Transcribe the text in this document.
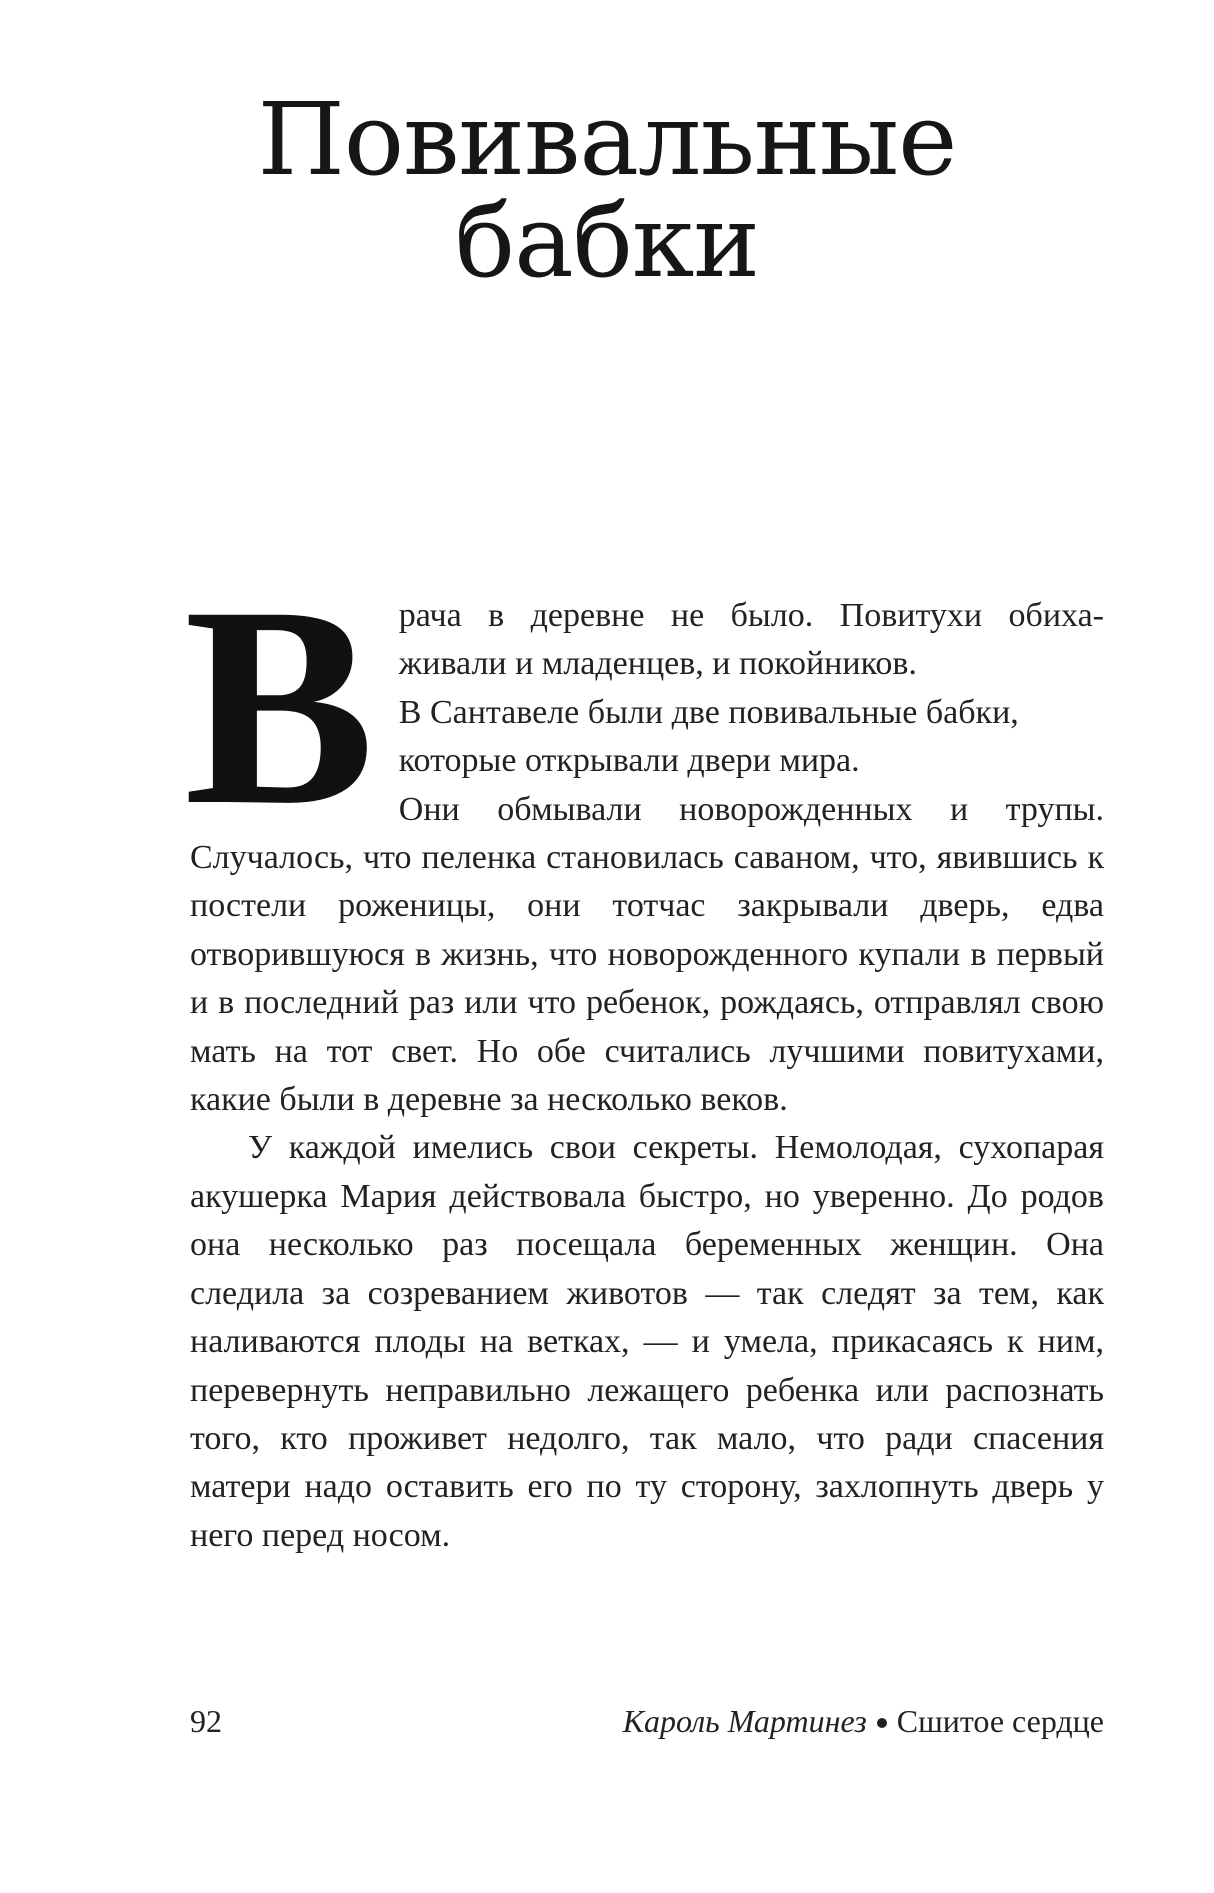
Повивальные
бабки

В рача в деревне не было. Повитухи обиха-живали и младенцев, и покойников.
В Сантавеле были две повивальные бабки,
которые открывали двери мира.
Они обмывали новорожденных и трупы. Случалось, что пеленка становилась саваном, что, явившись к постели роженицы, они тотчас закрывали дверь, едва отворившуюся в жизнь, что новорожденного купали в первый и в последний раз или что ребенок, рождаясь, отправлял свою мать на тот свет. Но обе считались лучшими повитухами, какие были в деревне за несколько веков.

У каждой имелись свои секреты. Немолодая, сухопарая акушерка Мария действовала быстро, но уверенно. До родов она несколько раз посещала беременных женщин. Она следила за созреванием животов — так следят за тем, как наливаются плоды на ветках, — и умела, прикасаясь к ним, перевернуть неправильно лежащего ребенка или распознать того, кто проживет недолго, так мало, что ради спасения матери надо оставить его по ту сторону, захлопнуть дверь у него перед носом.

92	Кароль Мартинез Сшитое сердце
